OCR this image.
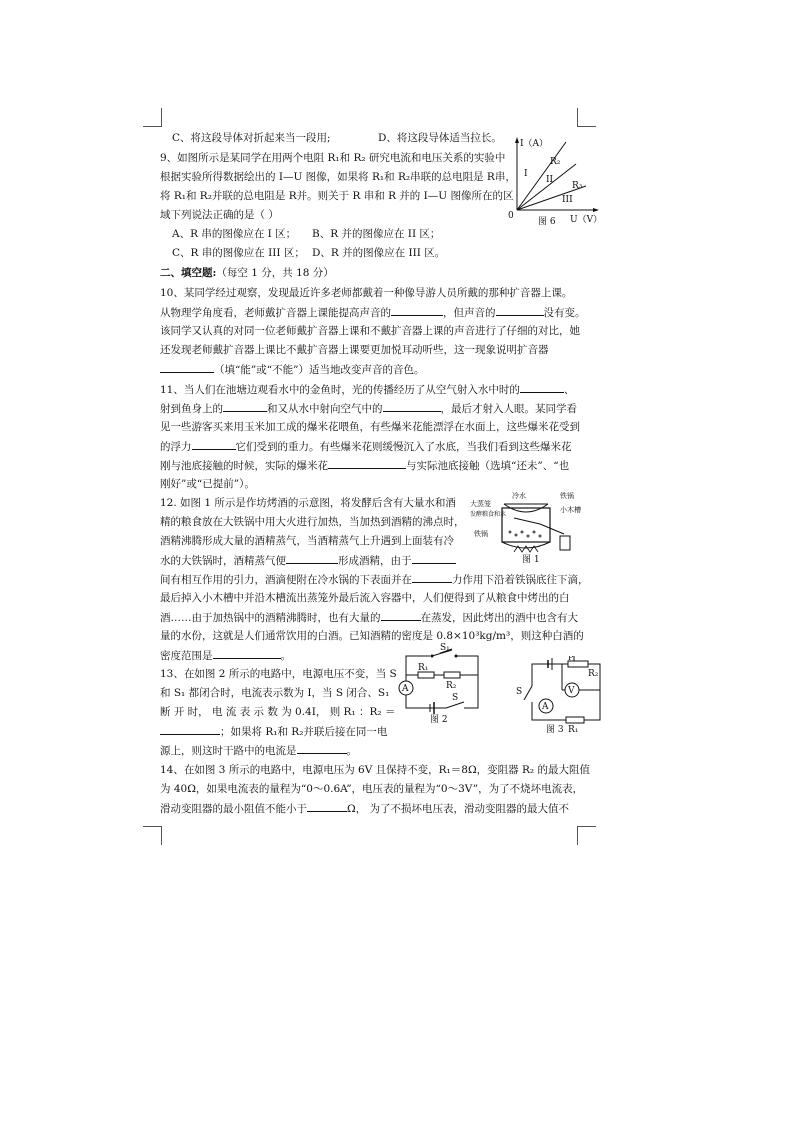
C、将这段导体对折起来当一段用;	D、将这段导体适当拉长。
9、如图所示是某同学在用两个电阻 R₁和 R₂ 研究电流和电压关系的实验中
根据实验所得数据绘出的 I—U 图像，如果将 R₁和 R₂串联的总电阻是 R串，
将 R₁和 R₂并联的总电阻是 R并。则关于 R 串和 R 并的 I—U 图像所在的区
域下列说法正确的是（ ）
A、R 串的图像应在 I 区； B、R 并的图像应在 II 区；
C、R 串的图像应在 III 区； D、R 并的图像应在 III 区。
I（A）
U（V）
0
R₂
R₃
I
II
III
图 6
二、填空题:（每空 1 分，共 18 分）
10、某同学经过观察，发现最近许多老师都戴着一种像导游人员所戴的那种扩音器上课。
从物理学角度看，老师戴扩音器上课能提高声音的	，但声音的	没有变。
该同学又认真的对同一位老师戴扩音器上课和不戴扩音器上课的声音进行了仔细的对比，她
还发现老师戴扩音器上课比不戴扩音器上课要更加悦耳动听些，这一现象说明扩音器
（填“能”或“不能”）适当地改变声音的音色。
11、当人们在池塘边观看水中的金鱼时，光的传播经历了从空气射入水中时的	、
射到鱼身上的	和又从水中射向空气中的	，最后才射入人眼。某同学看
见一些游客买来用玉米加工成的爆米花喂鱼，有些爆米花能漂浮在水面上，这些爆米花受到
的浮力	它们受到的重力。有些爆米花则缓慢沉入了水底，当我们看到这些爆米花
刚与池底接触的时候，实际的爆米花	与实际池底接触（选填“还未”、“也
刚好”或“已提前”）。
12. 如图 1 所示是作坊烤酒的示意图，将发酵后含有大量水和酒
精的粮食放在大铁锅中用大火进行加热，当加热到酒精的沸点时，
酒精沸腾形成大量的酒精蒸气，当酒精蒸气上升遇到上面装有冷
水的大铁锅时，酒精蒸气便	形成酒精，由于
冷水	铁锅
大蒸笼
发酵粮食和水
小木槽
铁锅
图 1
间有相互作用的引力，酒滴便附在冷水锅的下表面并在	力作用下沿着铁锅底往下滴，
最后掉入小木槽中并沿木槽流出蒸笼外最后流入容器中，人们便得到了从粮食中烤出的白
酒……由于加热锅中的酒精沸腾时，也有大量的	在蒸发，因此烤出的酒中也含有大
量的水份，这就是人们通常饮用的白酒。已知酒精的密度是 0.8×10³kg/m³，则这种白酒的
密度范围是	。
13、在如图 2 所示的电路中，电源电压不变，当 S
和 S₁ 都闭合时，电流表示数为 I，当 S 闭合、S₁
断 开 时， 电 流 表 示 数 为 0.4I， 则 R₁ ：R₂ ＝
；如果将 R₁和 R₂并联后接在同一电
源上，则这时干路中的电流是	。
S₁
R₁
R₂
S
A
图 2
P
R₂
V
S
A
R₁
图 3
14、在如图 3 所示的电路中，电源电压为 6V 且保持不变，R₁＝8Ω，变阻器 R₂ 的最大阻值
为 40Ω，如果电流表的量程为“0～0.6A”，电压表的量程为“0～3V”，为了不烧坏电流表，
滑动变阻器的最小阻值不能小于	Ω， 为了不损坏电压表，滑动变阻器的最大值不
